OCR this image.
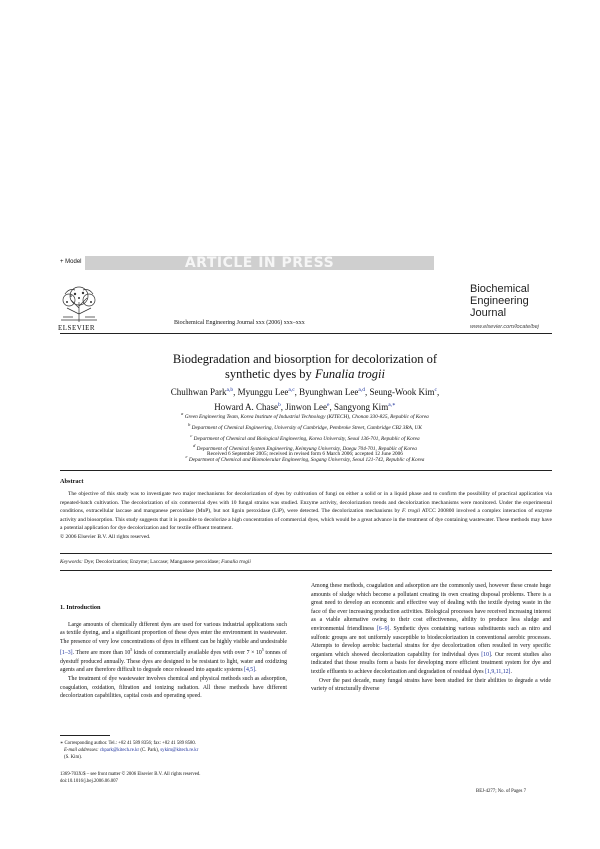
+ Model	ARTICLE IN PRESS
ELSEVIER
Biochemical Engineering Journal xxx (2006) xxx–xxx
Biochemical
Engineering
Journal
www.elsevier.com/locate/bej
Biodegradation and biosorption for decolorization of
synthetic dyes by Funalia trogii
Chulhwan Park$^{a,b}$, Myunggu Lee$^{a,c}$, Byunghwan Lee$^{a,d}$, Seung-Wook Kim$^c$,
Howard A. Chase$^b$, Jinwon Lee$^e$, Sangyong Kim$^{a,∗}$
$^a$ Green Engineering Team, Korea Institute of Industrial Technology (KITECH), Chonan 330-825, Republic of Korea
$^b$ Department of Chemical Engineering, University of Cambridge, Pembroke Street, Cambridge CB2 3RA, UK
$^c$ Department of Chemical and Biological Engineering, Korea University, Seoul 136-701, Republic of Korea
$^d$ Department of Chemical System Engineering, Keimyung University, Daegu 704-701, Republic of Korea
$^e$ Department of Chemical and Biomolecular Engineering, Sogang University, Seoul 121-742, Republic of Korea
Received 6 September 2005; received in revised form 6 March 2006; accepted 12 June 2006
Abstract

The objective of this study was to investigate two major mechanisms for decolorization of dyes by cultivation of fungi on either a solid or in a liquid phase and to confirm the possibility of practical application via repeated-batch cultivation. The decolorization of six commercial dyes with 10 fungal strains was studied. Enzyme activity, decolorization trends and decolorization mechanisms were monitored. Under the experimental conditions, extracellular laccase and manganese peroxidase (MnP), but not lignin peroxidase (LiP), were detected. The decolorization mechanisms by F. trogii ATCC 200800 involved a complex interaction of enzyme activity and biosorption. This study suggests that it is possible to decolorize a high concentration of commercial dyes, which would be a great advance in the treatment of dye containing wastewater. These methods may have a potential application for dye decolorization and for textile effluent treatment.

© 2006 Elsevier B.V. All rights reserved.

Keywords: Dye; Decolorization; Enzyme; Laccase; Manganese peroxidase; Funalia trogii
1. Introduction

Large amounts of chemically different dyes are used for various industrial applications such as textile dyeing, and a significant proportion of these dyes enter the environment in wastewater. The presence of very low concentrations of dyes in effluent can be highly visible and undesirable [1–3]. There are more than $10^5$ kinds of commercially available dyes with over $7 \times 10^5$ tonnes of dyestuff produced annually. These dyes are designed to be resistant to light, water and oxidizing agents and are therefore difficult to degrade once released into aquatic systems [4,5].

The treatment of dye wastewater involves chemical and physical methods such as adsorption, coagulation, oxidation, filtration and ionizing radiation. All these methods have different decolorization capabilities, capital costs and operating speed.

∗ Corresponding author. Tel.: +82 41 589 8356; fax: +82 41 589 8580.
E-mail addresses: chpark@kitech.re.kr (C. Park), sykim@kitech.re.kr
(S. Kim).

Among these methods, coagulation and adsorption are the commonly used, however these create huge amounts of sludge which become a pollutant creating its own creating disposal problems. There is a great need to develop an economic and effective way of dealing with the textile dyeing waste in the face of the ever increasing production activities. Biological processes have received increasing interest as a viable alternative owing to their cost effectiveness, ability to produce less sludge and environmental friendliness [6–9]. Synthetic dyes containing various substituents such as nitro and sulfonic groups are not uniformly susceptible to biodecolorization in conventional aerobic processes. Attempts to develop aerobic bacterial strains for dye decolorization often resulted in very specific organism which showed decolorization capability for individual dyes [10]. Our recent studies also indicated that those results form a basis for developing more efficient treatment system for dye and textile effluents to achieve decolorization and degradation of residual dyes [1,9,11,12].

Over the past decade, many fungal strains have been studied for their abilities to degrade a wide variety of structurally diverse

1369-703X/$ – see front matter © 2006 Elsevier B.V. All rights reserved.
doi:10.1016/j.bej.2006.06.007
BEJ-4277; No. of Pages 7
